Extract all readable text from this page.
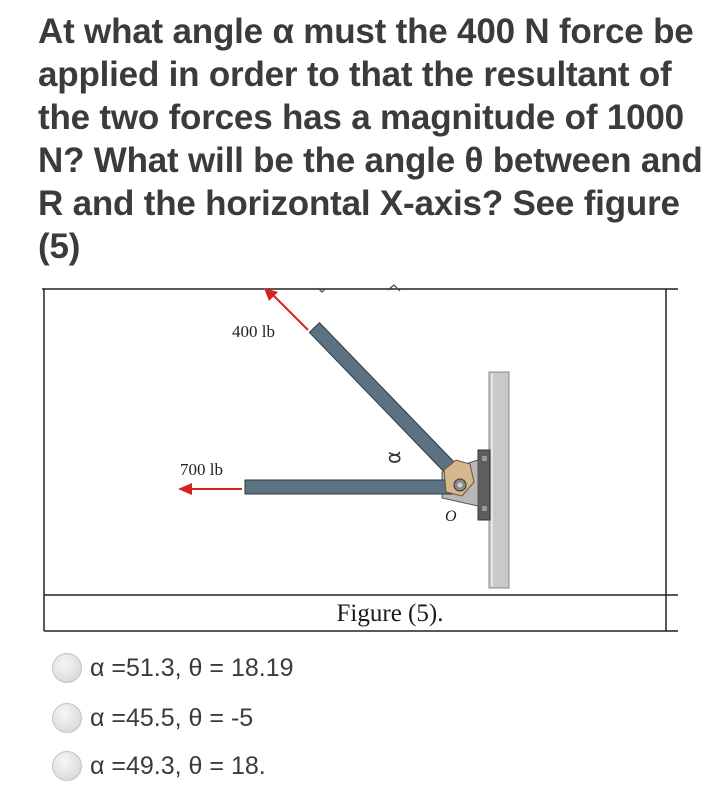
At what angle α must the 400 N force be applied in order to that the resultant of the two forces has a magnitude of 1000 N? What will be the angle θ between and R and the horizontal X-axis? See figure (5)

α
400 lb
700 lb
O
Figure (5).
α =51.3, θ = 18.19
α =45.5, θ = -5
α =49.3, θ = 18.
